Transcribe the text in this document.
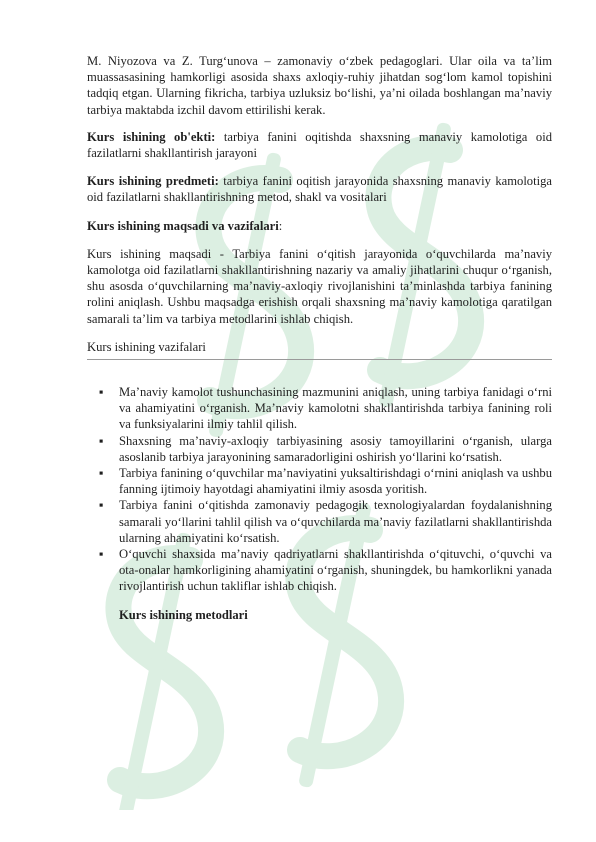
M. Niyozova va Z. Turg‘unova – zamonaviy o‘zbek pedagoglari. Ular oila va ta’lim muassasasining hamkorligi asosida shaxs axloqiy-ruhiy jihatdan sog‘lom kamol topishini tadqiq etgan. Ularning fikricha, tarbiya uzluksiz bo‘lishi, ya’ni oilada boshlangan ma’naviy tarbiya maktabda izchil davom ettirilishi kerak.

Kurs ishining ob'ekti: tarbiya fanini oqitishda shaxsning manaviy kamolotiga oid fazilatlarni shakllantirish jarayoni

Kurs ishining predmeti: tarbiya fanini oqitish jarayonida shaxsning manaviy kamolotiga oid fazilatlarni shakllantirishning metod, shakl va vositalari

Kurs ishining maqsadi va vazifalari:

Kurs ishining maqsadi - Tarbiya fanini o‘qitish jarayonida o‘quvchilarda ma’naviy kamolotga oid fazilatlarni shakllantirishning nazariy va amaliy jihatlarini chuqur o‘rganish, shu asosda o‘quvchilarning ma’naviy-axloqiy rivojlanishini ta’minlashda tarbiya fanining rolini aniqlash. Ushbu maqsadga erishish orqali shaxsning ma’naviy kamolotiga qaratilgan samarali ta’lim va tarbiya metodlarini ishlab chiqish.

Kurs ishining vazifalari

▪ Ma’naviy kamolot tushunchasining mazmunini aniqlash, uning tarbiya fanidagi o‘rni va ahamiyatini o‘rganish. Ma’naviy kamolotni shakllantirishda tarbiya fanining roli va funksiyalarini ilmiy tahlil qilish.
▪ Shaxsning ma’naviy-axloqiy tarbiyasining asosiy tamoyillarini o‘rganish, ularga asoslanib tarbiya jarayonining samaradorligini oshirish yo‘llarini ko‘rsatish.
▪ Tarbiya fanining o‘quvchilar ma’naviyatini yuksaltirishdagi o‘rnini aniqlash va ushbu fanning ijtimoiy hayotdagi ahamiyatini ilmiy asosda yoritish.
▪ Tarbiya fanini o‘qitishda zamonaviy pedagogik texnologiyalardan foydalanishning samarali yo‘llarini tahlil qilish va o‘quvchilarda ma’naviy fazilatlarni shakllantirishda ularning ahamiyatini ko‘rsatish.
▪ O‘quvchi shaxsida ma’naviy qadriyatlarni shakllantirishda o‘qituvchi, o‘quvchi va ota-onalar hamkorligining ahamiyatini o‘rganish, shuningdek, bu hamkorlikni yanada rivojlantirish uchun takliflar ishlab chiqish.

Kurs ishining metodlari
